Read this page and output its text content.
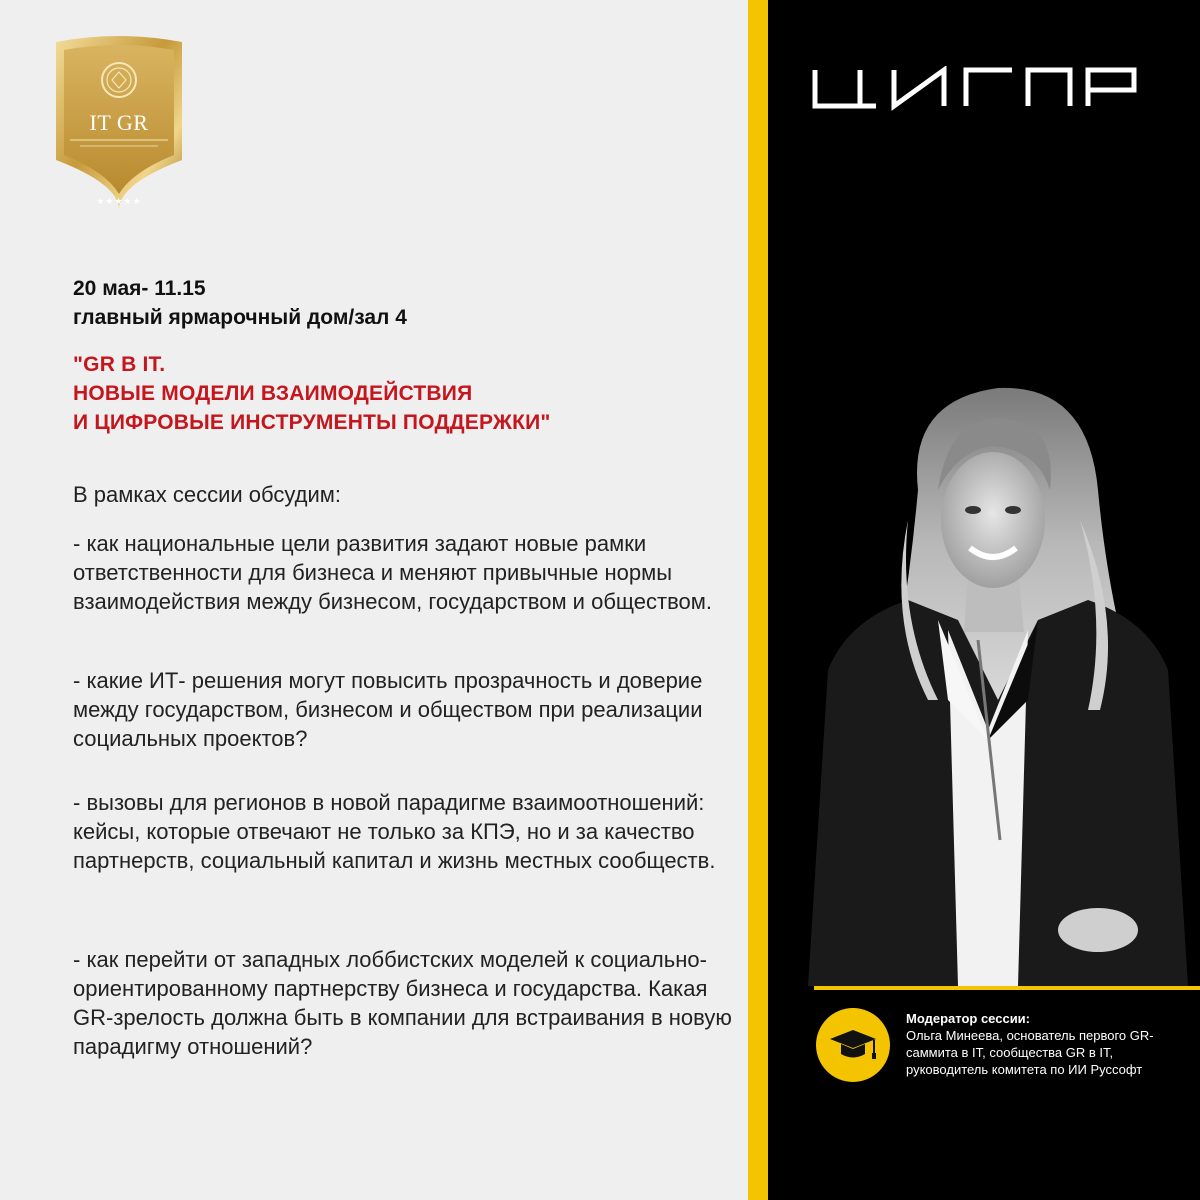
IT GR
★★★★★
20 мая- 11.15
главный ярмарочный дом/зал 4
"GR В IT.
НОВЫЕ МОДЕЛИ ВЗАИМОДЕЙСТВИЯ
И ЦИФРОВЫЕ ИНСТРУМЕНТЫ ПОДДЕРЖКИ"
В рамках сессии обсудим:
- как национальные цели развития задают новые рамки ответственности для бизнеса и меняют привычные нормы взаимодействия между бизнесом, государством и обществом.
- какие ИТ- решения могут повысить прозрачность и доверие между государством, бизнесом и обществом при реализации социальных проектов?
- вызовы для регионов в новой парадигме взаимоотношений: кейсы, которые отвечают не только за КПЭ, но и за качество партнерств, социальный капитал и жизнь местных сообществ.
- как перейти от западных лоббистских моделей к социально-ориентированному партнерству бизнеса и государства. Какая GR-зрелость должна быть в компании для встраивания в новую парадигму отношений?
Модератор сессии:
Ольга Минеева, основатель первого GR-саммита в IT, сообщества GR в IT, руководитель комитета по ИИ Руссофт
